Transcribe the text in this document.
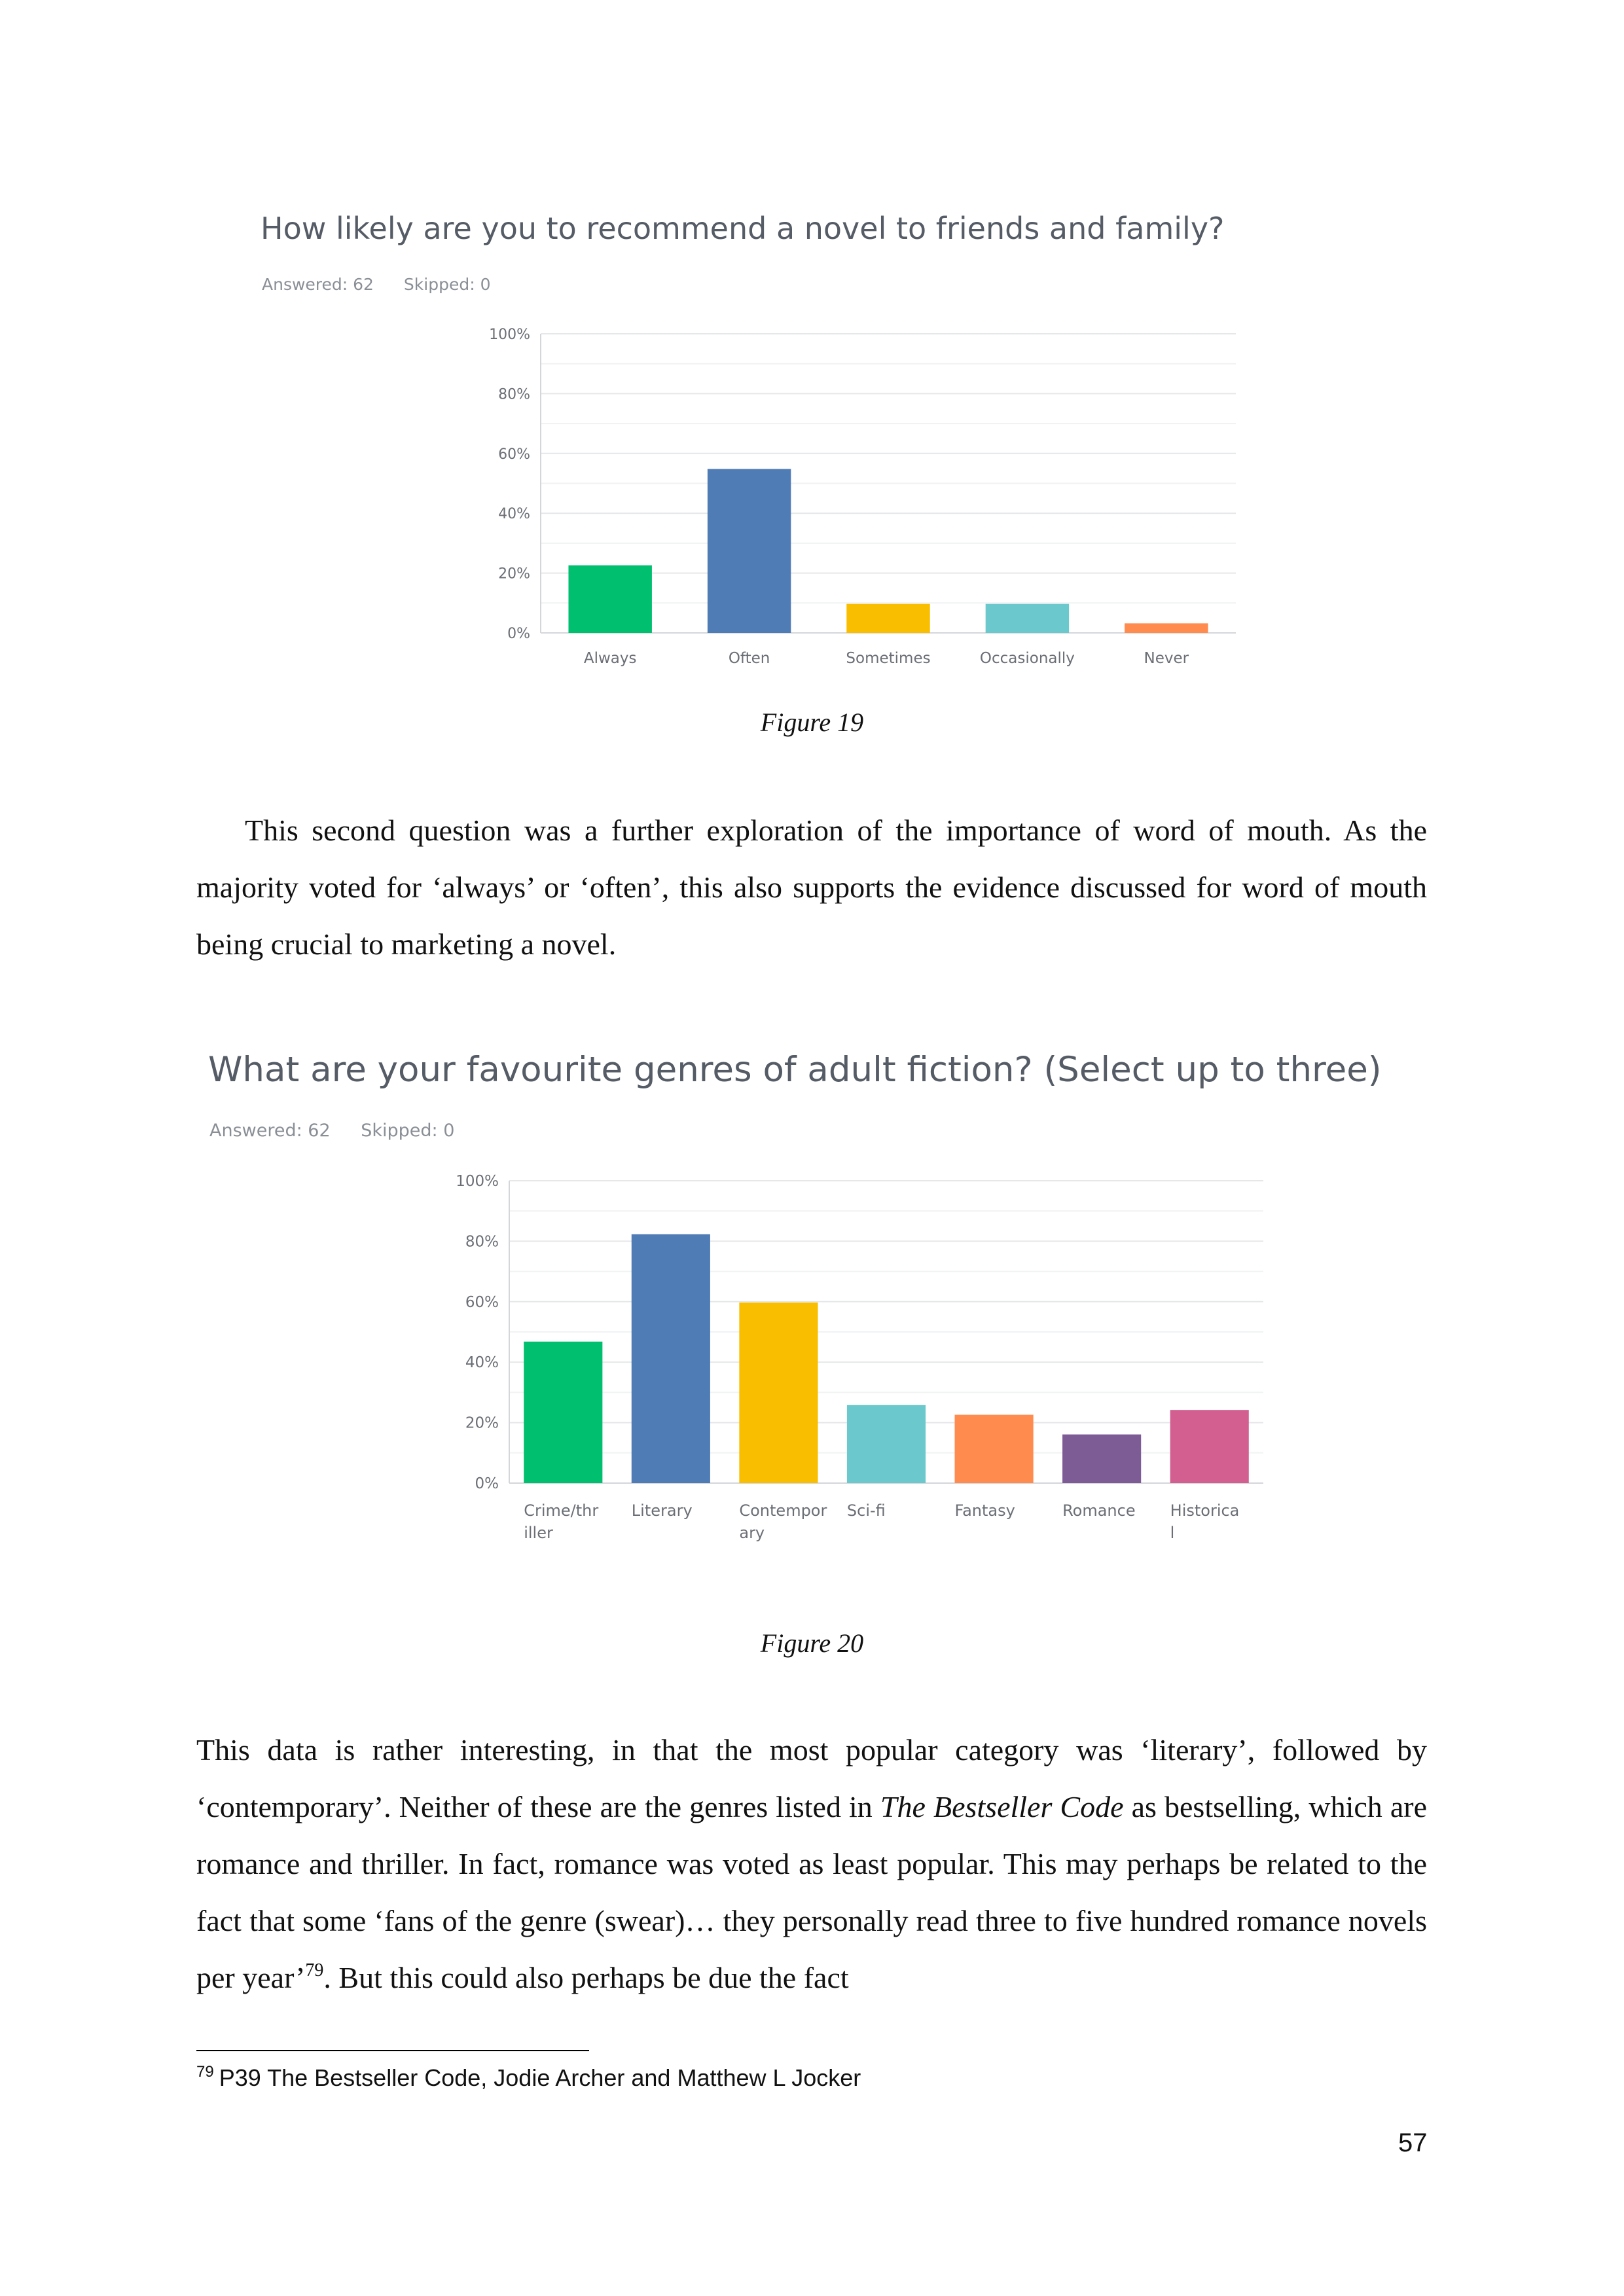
How likely are you to recommend a novel to friends and family?
Answered: 62 Skipped: 0
0%
20%
40%
60%
80%
100%
Always	Often	Sometimes	Occasionally	Never
Figure 19

This second question was a further exploration of the importance of word of mouth. As the majority voted for ‘always’ or ‘often’, this also supports the evidence discussed for word of mouth being crucial to marketing a novel.

What are your favourite genres of adult fiction? (Select up to three)
Answered: 62 Skipped: 0
0%
20%
40%
60%
80%
100%
Crime/thr
iller
Literary	Contempor
ary
Sci-fi	Fantasy	Romance Historica
l
Figure 20

This data is rather interesting, in that the most popular category was ‘literary’, followed by ‘contemporary’. Neither of these are the genres listed in The Bestseller Code as bestselling, which are romance and thriller. In fact, romance was voted as least popular. This may perhaps be related to the fact that some ‘fans of the genre (swear)… they personally read three to five hundred romance novels per year’$^{79}$. But this could also perhaps be due the fact

$^{79}$ P39 The Bestseller Code, Jodie Archer and Matthew L Jocker
57
